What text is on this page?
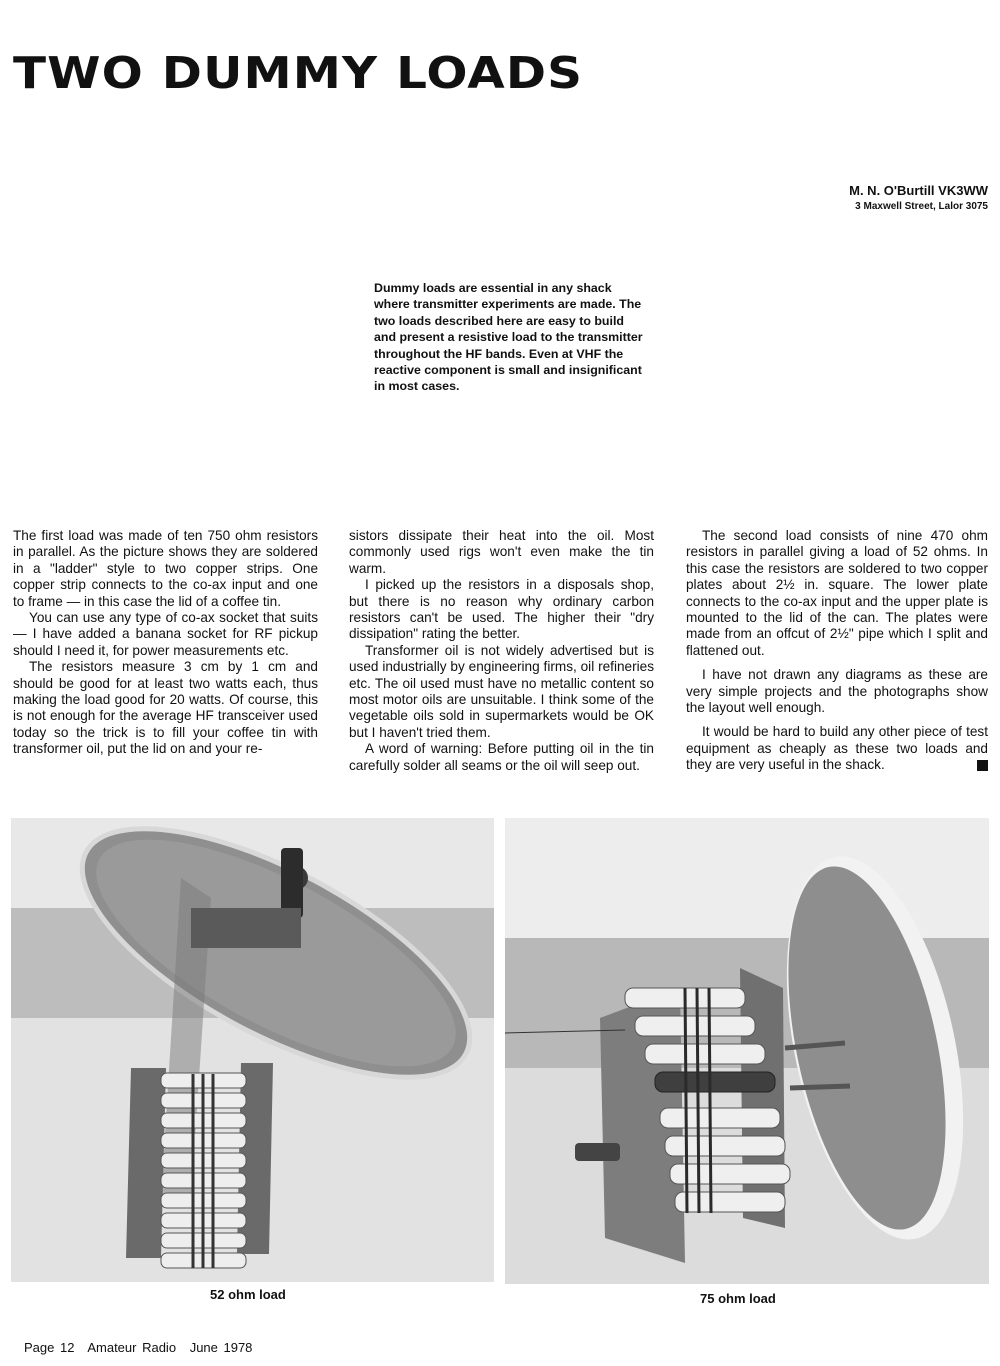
TWO DUMMY LOADS
M. N. O'Burtill VK3WW
3 Maxwell Street, Lalor 3075
Dummy loads are essential in any shack where transmitter experiments are made. The two loads described here are easy to build and present a resistive load to the transmitter throughout the HF bands. Even at VHF the reactive component is small and insignificant in most cases.

The first load was made of ten 750 ohm resistors in parallel. As the picture shows they are soldered in a "ladder" style to two copper strips. One copper strip connects to the co-ax input and one to frame — in this case the lid of a coffee tin.

You can use any type of co-ax socket that suits — I have added a banana socket for RF pickup should I need it, for power measurements etc.

The resistors measure 3 cm by 1 cm and should be good for at least two watts each, thus making the load good for 20 watts. Of course, this is not enough for the average HF transceiver used today so the trick is to fill your coffee tin with transformer oil, put the lid on and your re-

sistors dissipate their heat into the oil. Most commonly used rigs won't even make the tin warm.

I picked up the resistors in a disposals shop, but there is no reason why ordinary carbon resistors can't be used. The higher their "dry dissipation" rating the better.

Transformer oil is not widely advertised but is used industrially by engineering firms, oil refineries etc. The oil used must have no metallic content so most motor oils are unsuitable. I think some of the vegetable oils sold in supermarkets would be OK but I haven't tried them.

A word of warning: Before putting oil in the tin carefully solder all seams or the oil will seep out.

The second load consists of nine 470 ohm resistors in parallel giving a load of 52 ohms. In this case the resistors are soldered to two copper plates about 2½ in. square. The lower plate connects to the co-ax input and the upper plate is mounted to the lid of the can. The plates were made from an offcut of 2½" pipe which I split and flattened out.

I have not drawn any diagrams as these are very simple projects and the photographs show the layout well enough.

It would be hard to build any other piece of test equipment as cheaply as these two loads and they are very useful in the shack.

52 ohm load	75 ohm load
Page 12 Amateur Radio June 1978
